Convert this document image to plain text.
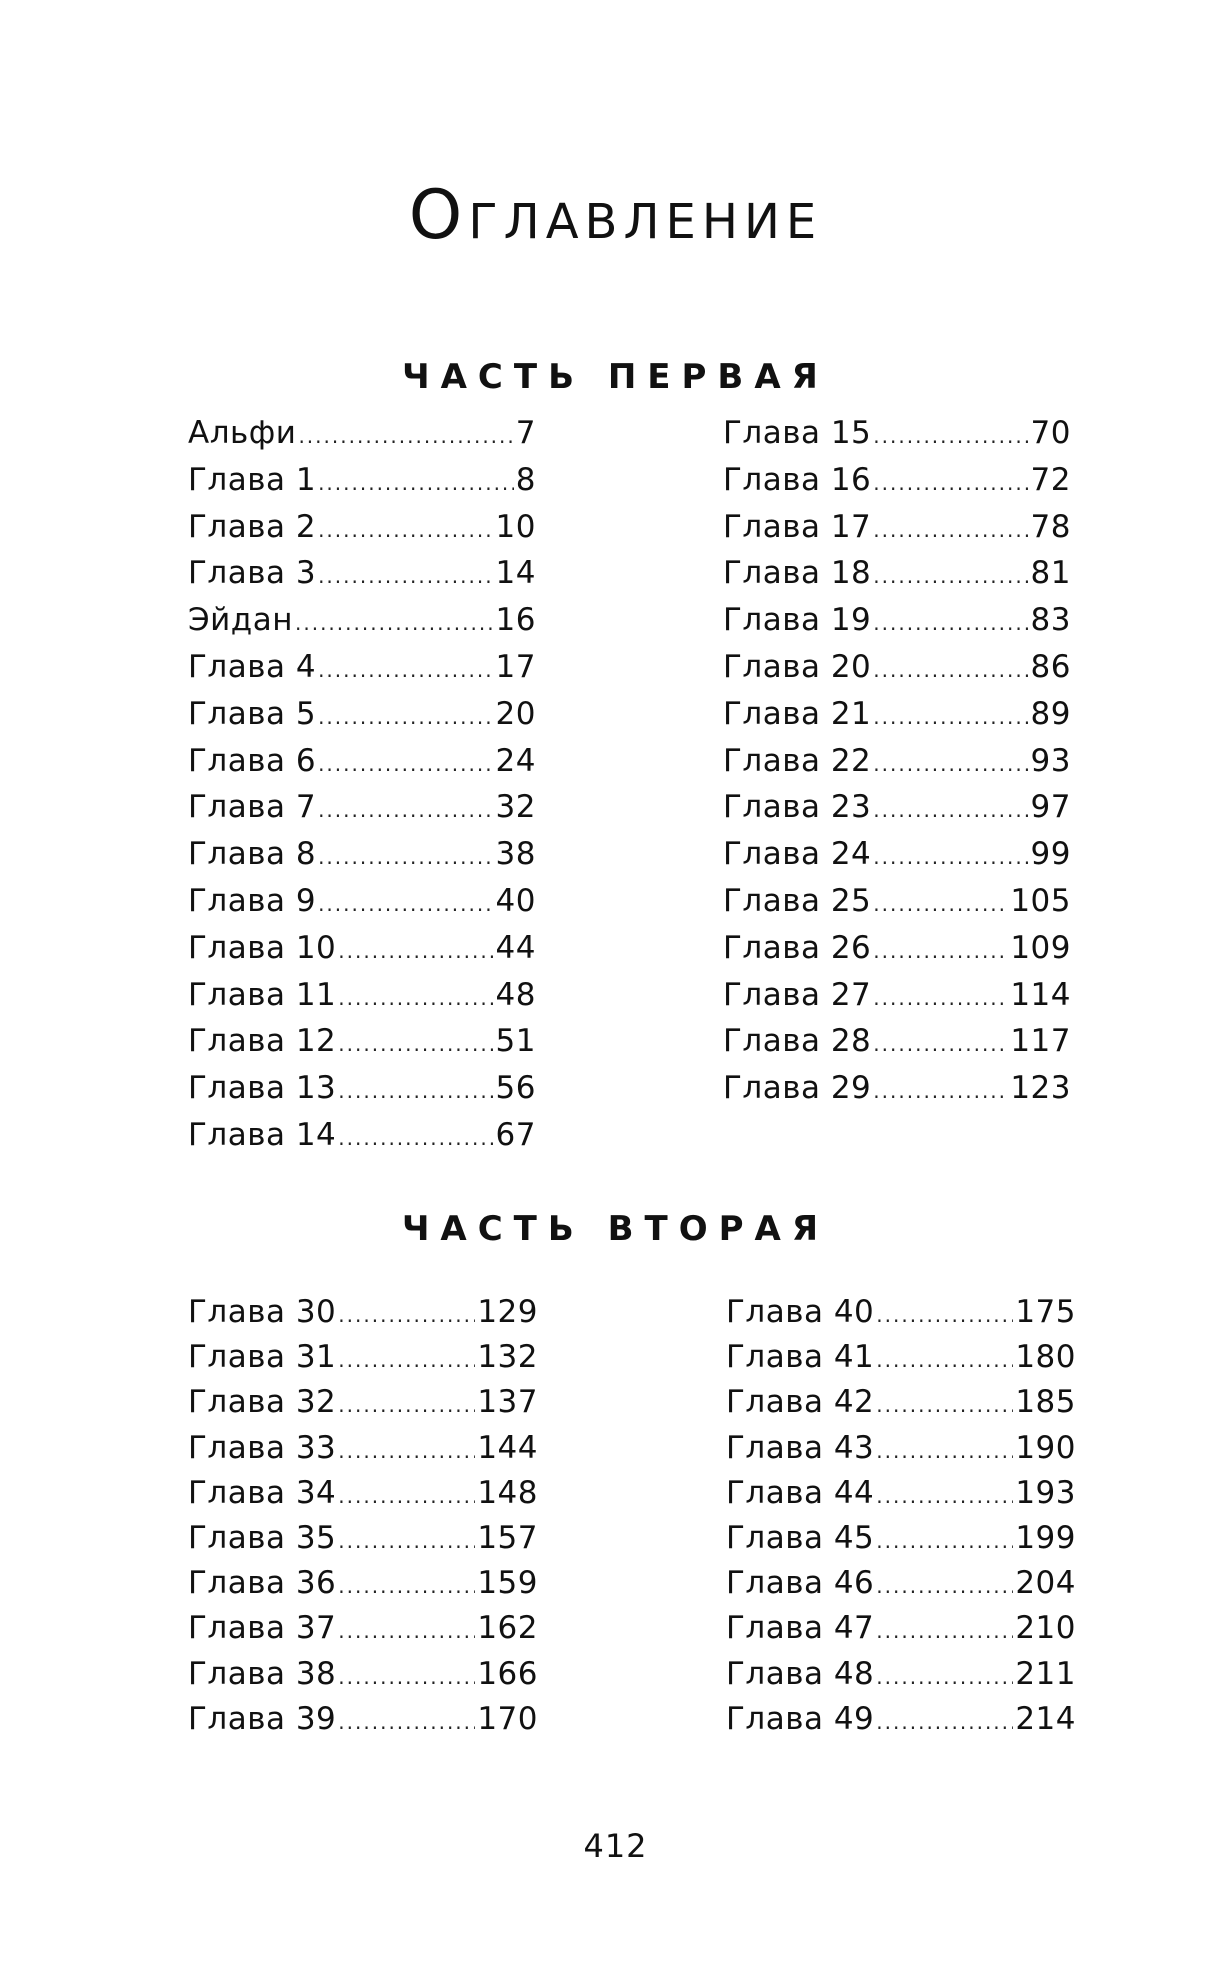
Оглавление
ЧАСТЬ ПЕРВАЯ
Альфи .....	7
Глава 1 .....	8
Глава 2 .....	10
Глава 3 .....	14
Эйдан .....	16
Глава 4 .....	17
Глава 5 .....	20
Глава 6 .....	24
Глава 7 .....	32
Глава 8 .....	38
Глава 9 .....	40
Глава 10 .....	44
Глава 11 .....	48
Глава 12 .....	51
Глава 13 .....	56
Глава 14 .....	67
Глава 15 .....	70
Глава 16 .....	72
Глава 17 .....	78
Глава 18 .....	81
Глава 19 .....	83
Глава 20 .....	86
Глава 21 .....	89
Глава 22 .....	93
Глава 23 .....	97
Глава 24 .....	99
Глава 25 .....	105
Глава 26 .....	109
Глава 27 .....	114
Глава 28 .....	117
Глава 29 .....	123
ЧАСТЬ ВТОРАЯ
Глава 30 .....	129
Глава 31 .....	132
Глава 32 .....	137
Глава 33 .....	144
Глава 34 .....	148
Глава 35 .....	157
Глава 36 .....	159
Глава 37 .....	162
Глава 38 .....	166
Глава 39 .....	170
Глава 40 .....	175
Глава 41 .....	180
Глава 42 .....	185
Глава 43 .....	190
Глава 44 .....	193
Глава 45 .....	199
Глава 46 .....	204
Глава 47 .....	210
Глава 48 .....	211
Глава 49 .....	214
412
